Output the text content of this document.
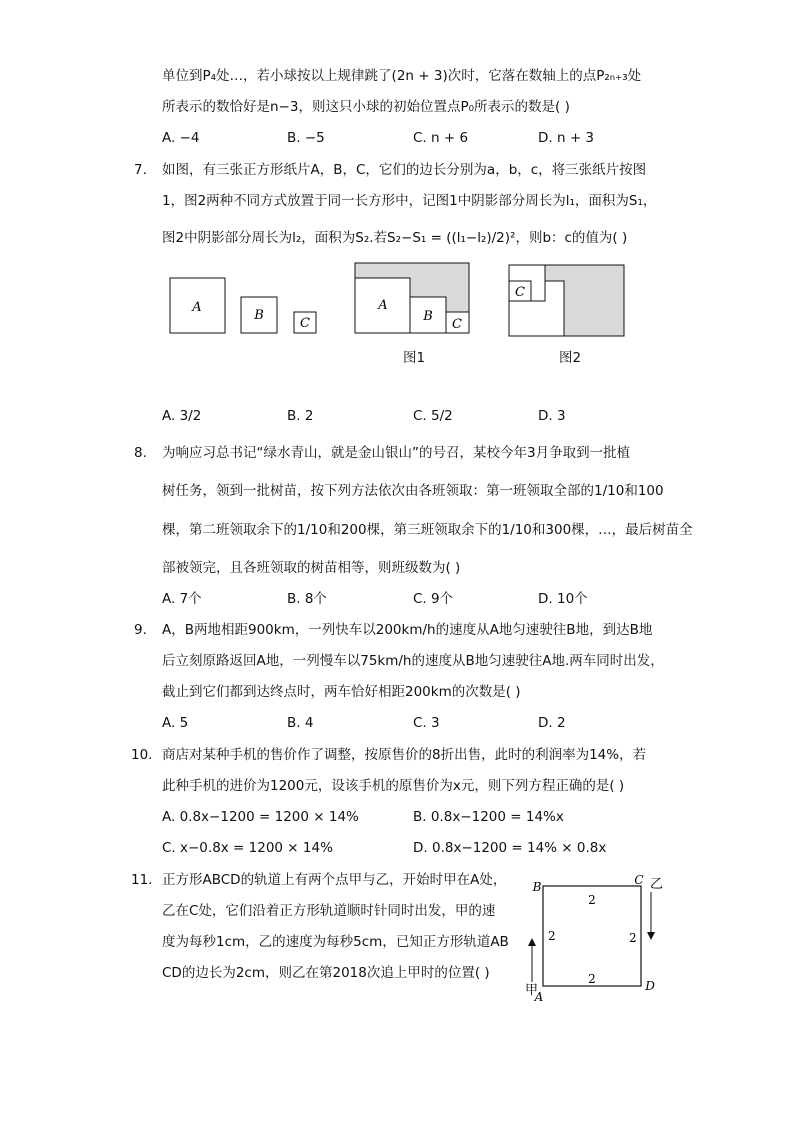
单位到P₄处…，若小球按以上规律跳了(2n + 3)次时，它落在数轴上的点P₂ₙ₊₃处
所表示的数恰好是n−3，则这只小球的初始位置点P₀所表示的数是( )
A. −4	B. −5	C. n + 6	D. n + 3
7. 如图，有三张正方形纸片A，B，C，它们的边长分别为a，b，c，将三张纸片按图
1，图2两种不同方式放置于同一长方形中，记图1中阴影部分周长为l₁，面积为S₁，
图2中阴影部分周长为l₂，面积为S₂.若S₂−S₁ = ((l₁−l₂)/2)²，则b：c的值为( )
A
B
C
A
B
C
C
图1	图2
A. 3/2	B. 2	C. 5/2	D. 3
8. 为响应习总书记“绿水青山，就是金山银山”的号召，某校今年3月争取到一批植
树任务，领到一批树苗，按下列方法依次由各班领取：第一班领取全部的1/10和100
棵，第二班领取余下的1/10和200棵，第三班领取余下的1/10和300棵，…，最后树苗全
部被领完，且各班领取的树苗相等，则班级数为( )
A. 7个	B. 8个	C. 9个	D. 10个
9. A，B两地相距900km，一列快车以200km/h的速度从A地匀速驶往B地，到达B地
后立刻原路返回A地，一列慢车以75km/h的速度从B地匀速驶往A地.两车同时出发，
截止到它们都到达终点时，两车恰好相距200km的次数是( )
A. 5	B. 4	C. 3	D. 2
10. 商店对某种手机的售价作了调整，按原售价的8折出售，此时的利润率为14%，若
此种手机的进价为1200元，设该手机的原售价为x元，则下列方程正确的是( )
A. 0.8x−1200 = 1200 × 14%	B. 0.8x−1200 = 14%x
C. x−0.8x = 1200 × 14%	D. 0.8x−1200 = 14% × 0.8x
11. 正方形ABCD的轨道上有两个点甲与乙，开始时甲在A处，
乙在C处，它们沿着正方形轨道顺时针同时出发，甲的速
度为每秒1cm，乙的速度为每秒5cm，已知正方形轨道AB
CD的边长为2cm，则乙在第2018次追上甲时的位置( )
B	C
D
A
2
2	2
2
乙
甲
